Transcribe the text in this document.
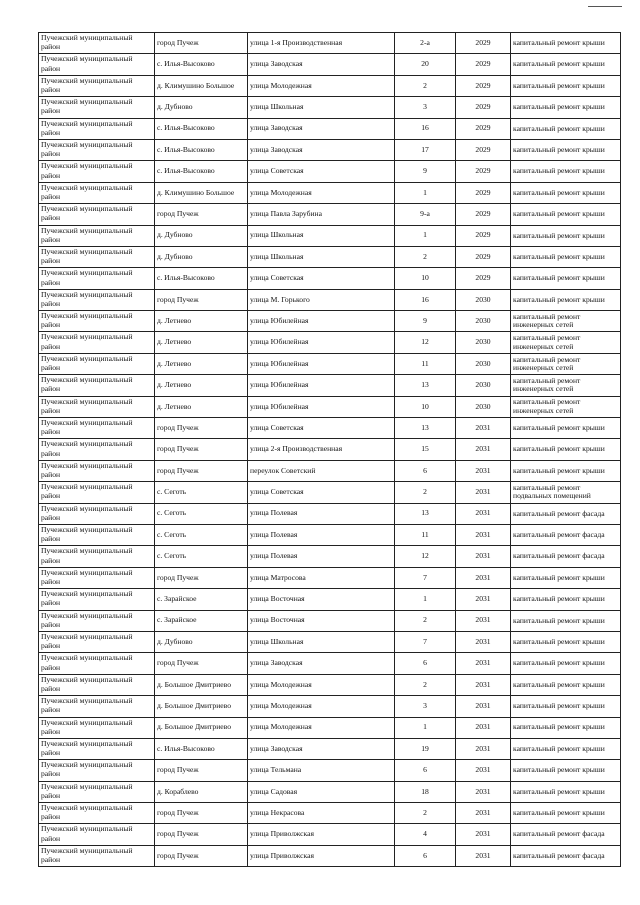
Пучежский муниципальный район	город Пучеж	улица 1-я Производственная	2-а	2029	капитальный ремонт крыши
Пучежский муниципальный район	с. Илья-Высоково	улица Заводская	20	2029	капитальный ремонт крыши
Пучежский муниципальный район	д. Климушино Большое	улица Молодежная	2	2029	капитальный ремонт крыши
Пучежский муниципальный район	д. Дубново	улица Школьная	3	2029	капитальный ремонт крыши
Пучежский муниципальный район	с. Илья-Высоково	улица Заводская	16	2029	капитальный ремонт крыши
Пучежский муниципальный район	с. Илья-Высоково	улица Заводская	17	2029	капитальный ремонт крыши
Пучежский муниципальный район	с. Илья-Высоково	улица Советская	9	2029	капитальный ремонт крыши
Пучежский муниципальный район	д. Климушино Большое	улица Молодежная	1	2029	капитальный ремонт крыши
Пучежский муниципальный район	город Пучеж	улица Павла Зарубина	9-а	2029	капитальный ремонт крыши
Пучежский муниципальный район	д. Дубново	улица Школьная	1	2029	капитальный ремонт крыши
Пучежский муниципальный район	д. Дубново	улица Школьная	2	2029	капитальный ремонт крыши
Пучежский муниципальный район	с. Илья-Высоково	улица Советская	10	2029	капитальный ремонт крыши
Пучежский муниципальный район	город Пучеж	улица М. Горького	16	2030	капитальный ремонт крыши
Пучежский муниципальный район	д. Летнево	улица Юбилейная	9	2030	капитальный ремонт инженерных сетей
Пучежский муниципальный район	д. Летнево	улица Юбилейная	12	2030	капитальный ремонт инженерных сетей
Пучежский муниципальный район	д. Летнево	улица Юбилейная	11	2030	капитальный ремонт инженерных сетей
Пучежский муниципальный район	д. Летнево	улица Юбилейная	13	2030	капитальный ремонт инженерных сетей
Пучежский муниципальный район	д. Летнево	улица Юбилейная	10	2030	капитальный ремонт инженерных сетей
Пучежский муниципальный район	город Пучеж	улица Советская	13	2031	капитальный ремонт крыши
Пучежский муниципальный район	город Пучеж	улица 2-я Производственная	15	2031	капитальный ремонт крыши
Пучежский муниципальный район	город Пучеж	переулок Советский	6	2031	капитальный ремонт крыши
Пучежский муниципальный район	с. Сеготь	улица Советская	2	2031	капитальный ремонт подвальных помещений
Пучежский муниципальный район	с. Сеготь	улица Полевая	13	2031	капитальный ремонт фасада
Пучежский муниципальный район	с. Сеготь	улица Полевая	11	2031	капитальный ремонт фасада
Пучежский муниципальный район	с. Сеготь	улица Полевая	12	2031	капитальный ремонт фасада
Пучежский муниципальный район	город Пучеж	улица Матросова	7	2031	капитальный ремонт крыши
Пучежский муниципальный район	с. Зарайское	улица Восточная	1	2031	капитальный ремонт крыши
Пучежский муниципальный район	с. Зарайское	улица Восточная	2	2031	капитальный ремонт крыши
Пучежский муниципальный район	д. Дубново	улица Школьная	7	2031	капитальный ремонт крыши
Пучежский муниципальный район	город Пучеж	улица Заводская	6	2031	капитальный ремонт крыши
Пучежский муниципальный район	д. Большое Дмитриево	улица Молодежная	2	2031	капитальный ремонт крыши
Пучежский муниципальный район	д. Большое Дмитриево	улица Молодежная	3	2031	капитальный ремонт крыши
Пучежский муниципальный район	д. Большое Дмитриево	улица Молодежная	1	2031	капитальный ремонт крыши
Пучежский муниципальный район	с. Илья-Высоково	улица Заводская	19	2031	капитальный ремонт крыши
Пучежский муниципальный район	город Пучеж	улица Тельмана	6	2031	капитальный ремонт крыши
Пучежский муниципальный район	д. Кораблево	улица Садовая	18	2031	капитальный ремонт крыши
Пучежский муниципальный район	город Пучеж	улица Некрасова	2	2031	капитальный ремонт крыши
Пучежский муниципальный район	город Пучеж	улица Приволжская	4	2031	капитальный ремонт фасада
Пучежский муниципальный район	город Пучеж	улица Приволжская	6	2031	капитальный ремонт фасада
